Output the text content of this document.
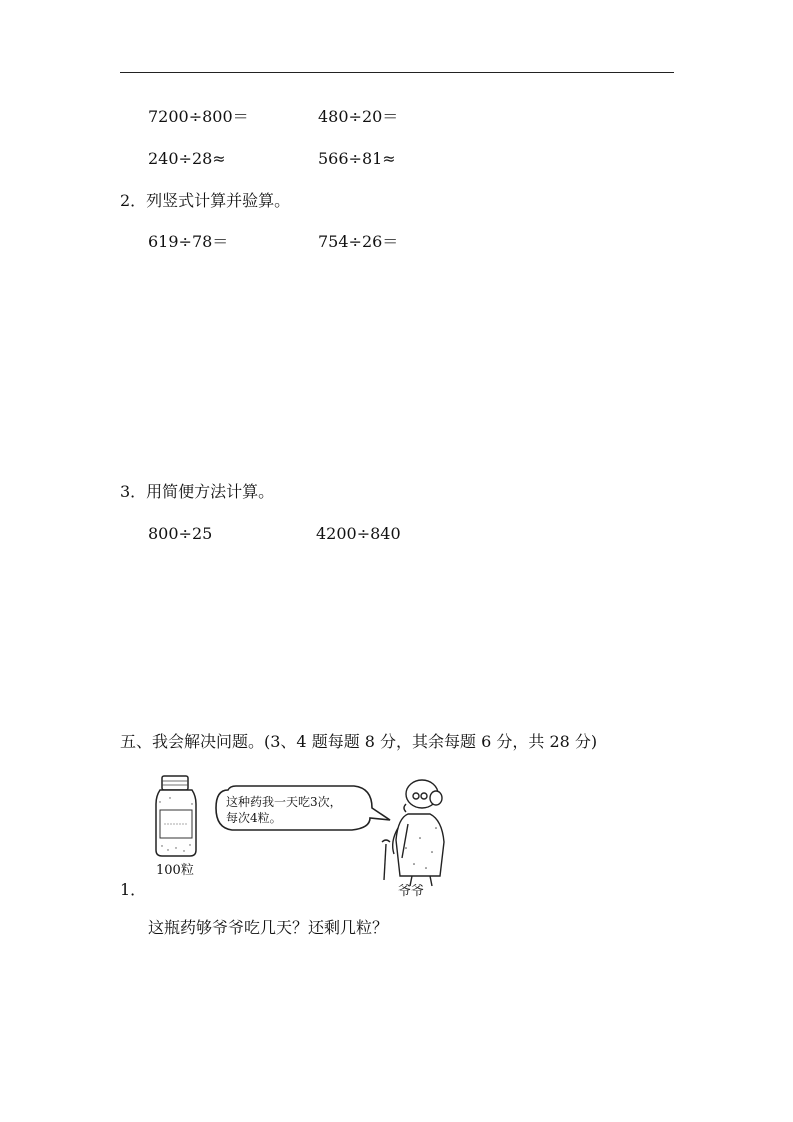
7200÷800＝	480÷20＝
240÷28≈	566÷81≈
2．列竖式计算并验算。
619÷78＝	754÷26＝
3．用简便方法计算。
800÷25	4200÷840
五、我会解决问题。(3、4 题每题 8 分，其余每题 6 分，共 28 分)
100粒
这种药我一天吃3次，
每次4粒。
爷爷
1．
这瓶药够爷爷吃几天？还剩几粒？
